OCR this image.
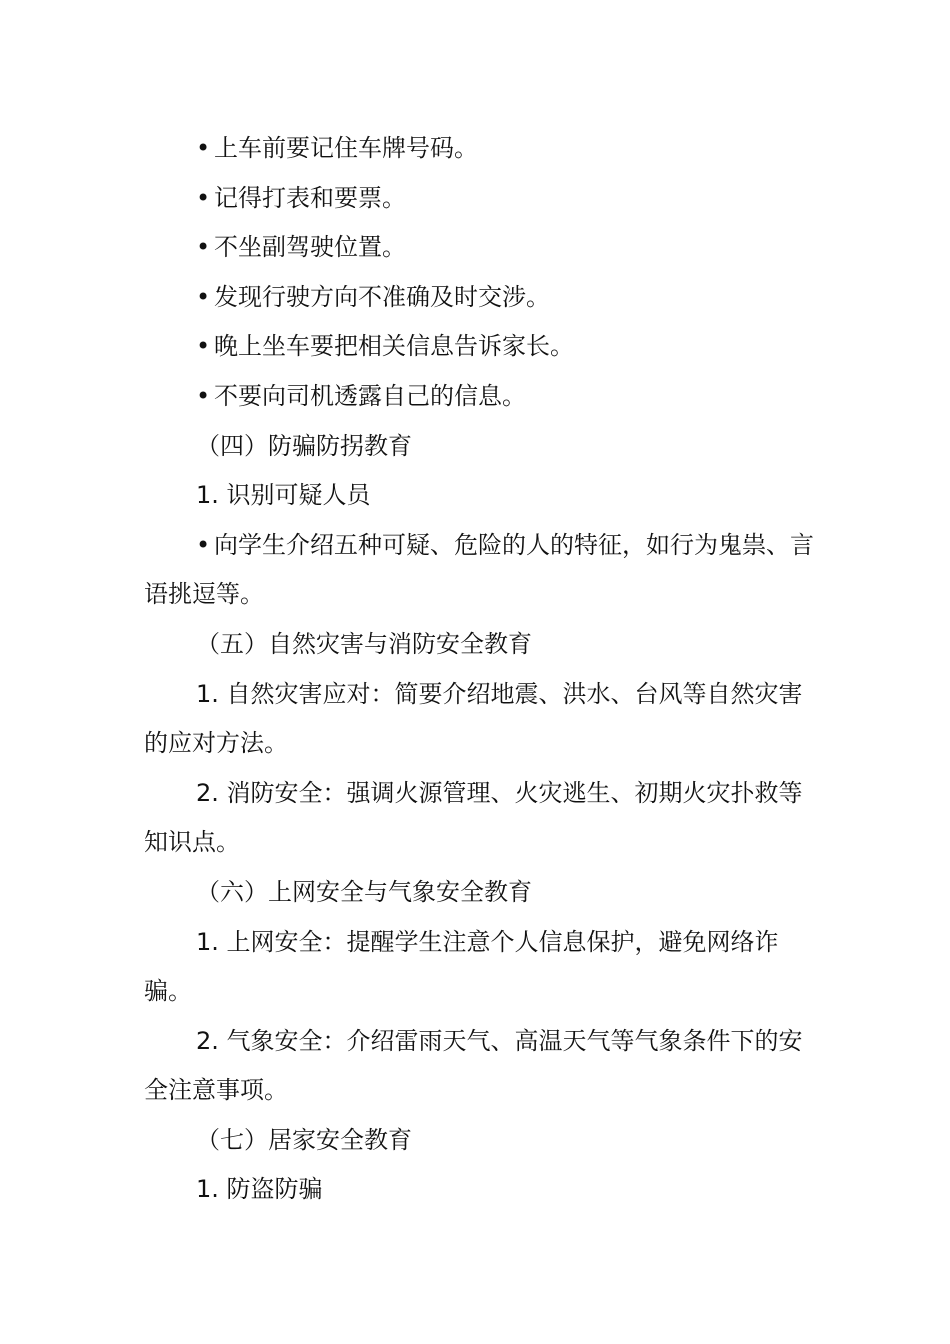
• 上车前要记住车牌号码。

• 记得打表和要票。

• 不坐副驾驶位置。

• 发现行驶方向不准确及时交涉。

• 晚上坐车要把相关信息告诉家长。

• 不要向司机透露自己的信息。

（四）防骗防拐教育

1. 识别可疑人员

• 向学生介绍五种可疑、危险的人的特征，如行为鬼祟、言语挑逗等。

（五）自然灾害与消防安全教育

1. 自然灾害应对：简要介绍地震、洪水、台风等自然灾害的应对方法。

2. 消防安全：强调火源管理、火灾逃生、初期火灾扑救等知识点。

（六）上网安全与气象安全教育

1. 上网安全：提醒学生注意个人信息保护，避免网络诈骗。

2. 气象安全：介绍雷雨天气、高温天气等气象条件下的安全注意事项。

（七）居家安全教育

1. 防盗防骗
